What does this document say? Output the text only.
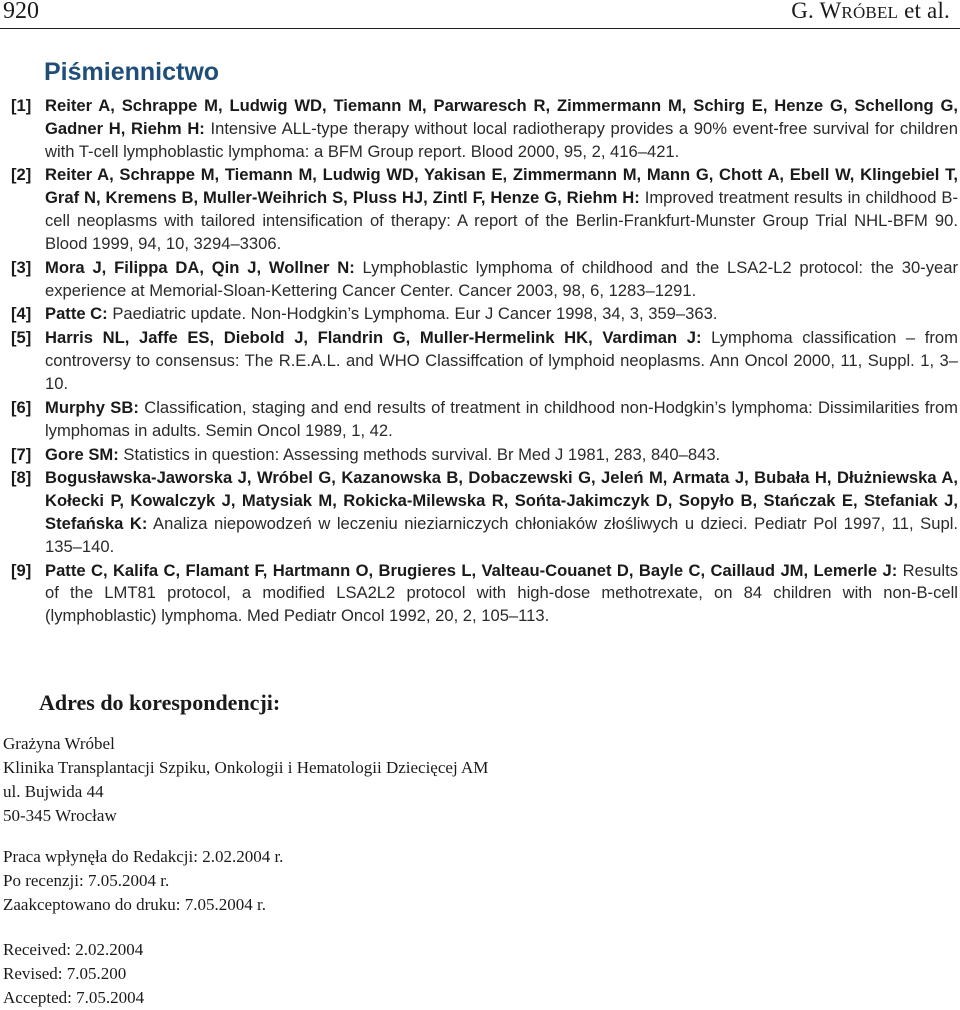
920	G. WRÓBEL et al.
Piśmiennictwo
[1] Reiter A, Schrappe M, Ludwig WD, Tiemann M, Parwaresch R, Zimmermann M, Schirg E, Henze G, Schellong G, Gadner H, Riehm H: Intensive ALL-type therapy without local radiotherapy provides a 90% event-free survival for children with T-cell lymphoblastic lymphoma: a BFM Group report. Blood 2000, 95, 2, 416–421.
[2] Reiter A, Schrappe M, Tiemann M, Ludwig WD, Yakisan E, Zimmermann M, Mann G, Chott A, Ebell W, Klingebiel T, Graf N, Kremens B, Muller-Weihrich S, Pluss HJ, Zintl F, Henze G, Riehm H: Improved treatment results in childhood B-cell neoplasms with tailored intensification of therapy: A report of the Berlin-Frankfurt-Munster Group Trial NHL-BFM 90. Blood 1999, 94, 10, 3294–3306.
[3] Mora J, Filippa DA, Qin J, Wollner N: Lymphoblastic lymphoma of childhood and the LSA2-L2 protocol: the 30-year experience at Memorial-Sloan-Kettering Cancer Center. Cancer 2003, 98, 6, 1283–1291.
[4] Patte C: Paediatric update. Non-Hodgkin’s Lymphoma. Eur J Cancer 1998, 34, 3, 359–363.
[5] Harris NL, Jaffe ES, Diebold J, Flandrin G, Muller-Hermelink HK, Vardiman J: Lymphoma classification – from controversy to consensus: The R.E.A.L. and WHO Classiffcation of lymphoid neoplasms. Ann Oncol 2000, 11, Suppl. 1, 3–10.
[6] Murphy SB: Classification, staging and end results of treatment in childhood non-Hodgkin’s lymphoma: Dissimilarities from lymphomas in adults. Semin Oncol 1989, 1, 42.
[7] Gore SM: Statistics in question: Assessing methods survival. Br Med J 1981, 283, 840–843.
[8] Bogusławska-Jaworska J, Wróbel G, Kazanowska B, Dobaczewski G, Jeleń M, Armata J, Bubała H, Dłużniewska A, Kołecki P, Kowalczyk J, Matysiak M, Rokicka-Milewska R, Sońta-Jakimczyk D, Sopyło B, Stańczak E, Stefaniak J, Stefańska K: Analiza niepowodzeń w leczeniu nieziarniczych chłoniaków złośliwych u dzieci. Pediatr Pol 1997, 11, Supl. 135–140.
[9] Patte C, Kalifa C, Flamant F, Hartmann O, Brugieres L, Valteau-Couanet D, Bayle C, Caillaud JM, Lemerle J: Results of the LMT81 protocol, a modified LSA2L2 protocol with high-dose methotrexate, on 84 children with non-B-cell (lymphoblastic) lymphoma. Med Pediatr Oncol 1992, 20, 2, 105–113.
Adres do korespondencji:
Grażyna Wróbel
Klinika Transplantacji Szpiku, Onkologii i Hematologii Dziecięcej AM
ul. Bujwida 44
50-345 Wrocław
Praca wpłynęła do Redakcji: 2.02.2004 r.
Po recenzji: 7.05.2004 r.
Zaakceptowano do druku: 7.05.2004 r.
Received: 2.02.2004
Revised: 7.05.200
Accepted: 7.05.2004
